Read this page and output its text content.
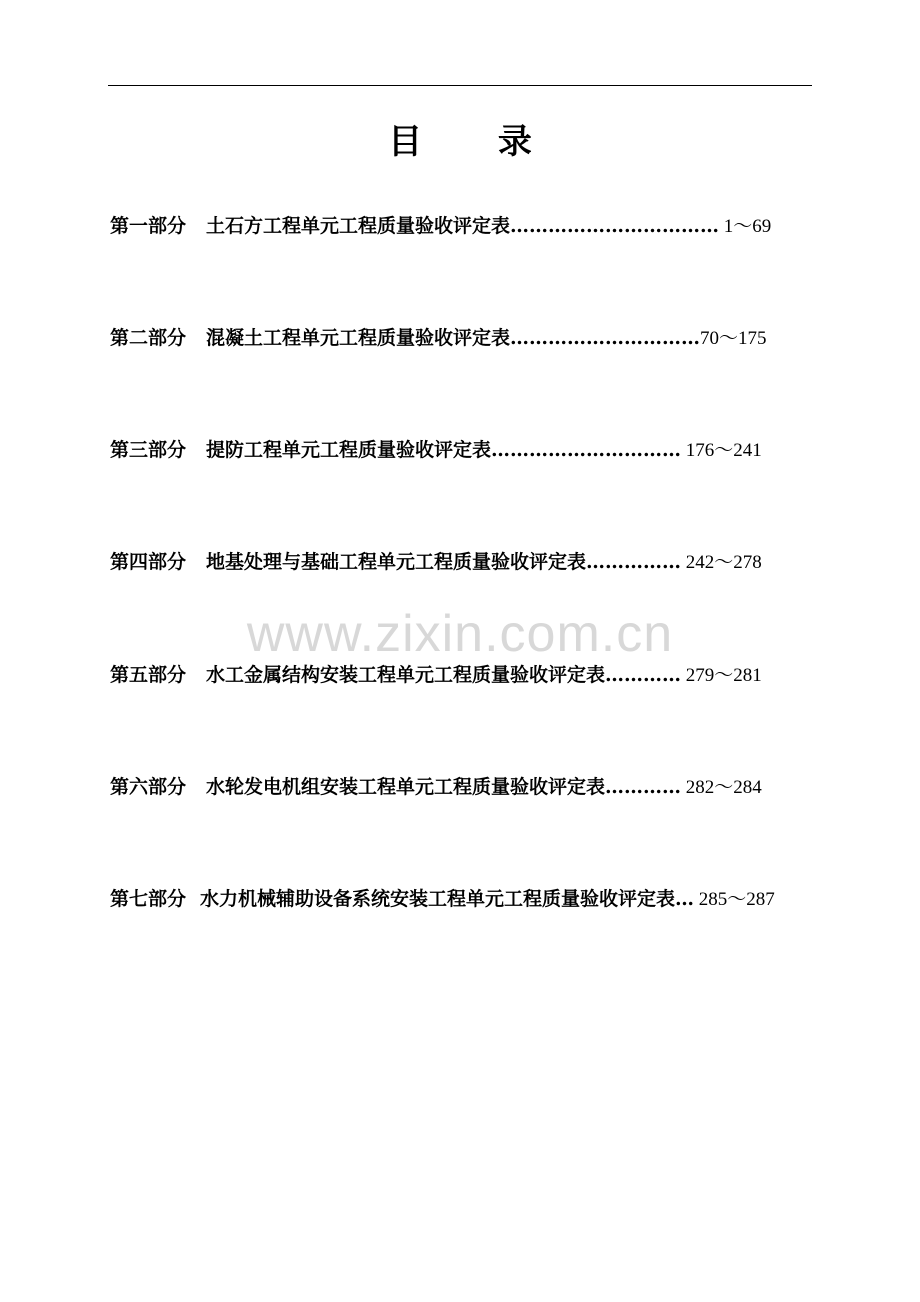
目 录
第一部分 土石方工程单元工程质量验收评定表…………………………… 1～69
第二部分 混凝土工程单元工程质量验收评定表…………………………70～175
第三部分 提防工程单元工程质量验收评定表………………………… 176～241
第四部分 地基处理与基础工程单元工程质量验收评定表…………… 242～278
第五部分 水工金属结构安装工程单元工程质量验收评定表………… 279～281
第六部分 水轮发电机组安装工程单元工程质量验收评定表………… 282～284
第七部分 水力机械辅助设备系统安装工程单元工程质量验收评定表… 285～287
www.zixin.com.cn
